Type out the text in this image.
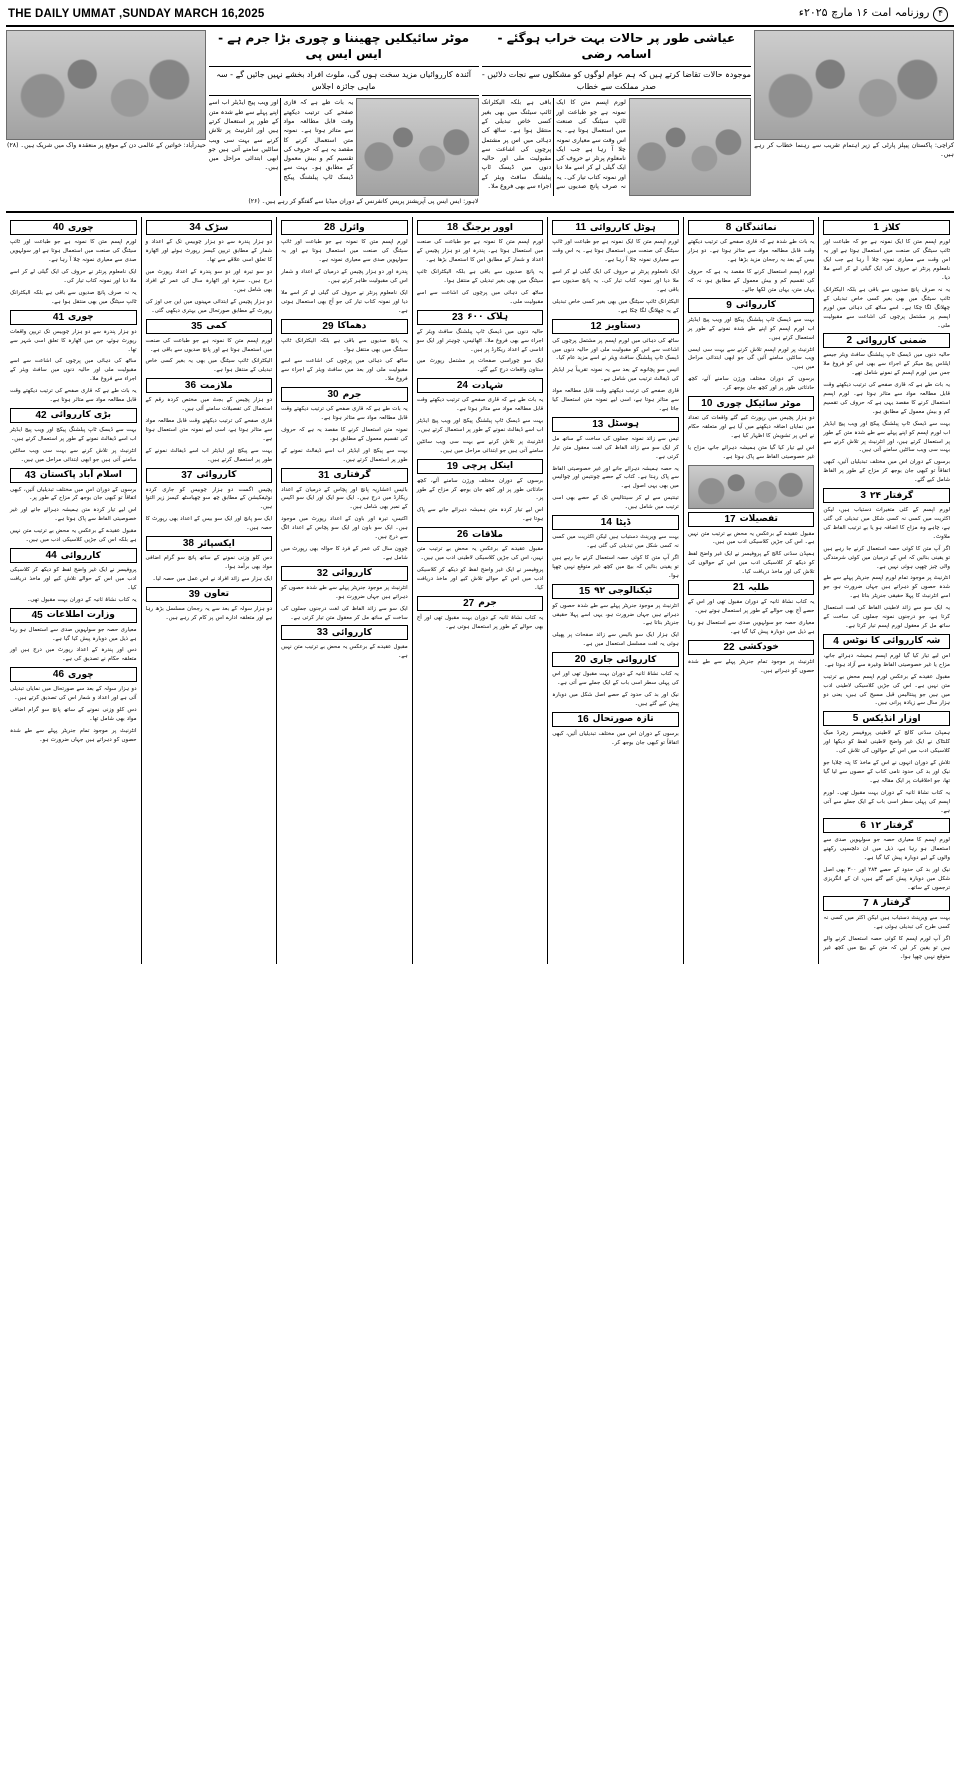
THE DAILY UMMAT ,SUNDAY MARCH 16,2025	۴ روزنامہ امت ۱۶ مارچ ۲۰۲۵ء
کراچی: پاکستان پیپلز پارٹی کے زیر اہتمام تقریب سے رہنما خطاب کر رہے ہیں۔
عیاشی طور پر حالات بہت خراب ہوگئے - اسامہ رضی
موجودہ حالات تقاضا کرتے ہیں کہ ہم عوام لوگوں کو مشکلوں سے نجات دلائیں - صدر مملکت سے خطاب
لورم اپسم متن کا ایک نمونہ ہے جو طباعت اور ٹائپ سیٹنگ کی صنعت میں استعمال ہوتا ہے۔ یہ اس وقت سے معیاری نمونہ چلا آ رہا ہے جب ایک نامعلوم پرنٹر نے حروف کی ایک گیلی لے کر اسے ملا دیا اور نمونہ کتاب تیار کی۔ یہ نہ صرف پانچ صدیوں سے باقی ہے بلکہ الیکٹرانک ٹائپ سیٹنگ میں بھی بغیر کسی خاص تبدیلی کے منتقل ہوا ہے۔ ساٹھ کی دہائی میں اس پر مشتمل پرچوں کی اشاعت سے مقبولیت ملی اور حالیہ دنوں میں ڈیسک ٹاپ پبلشنگ سافٹ ویئر کے اجراء سے بھی فروغ ملا۔
موٹر سائیکلیں چھیننا و چوری بڑا جرم ہے - ایس ایس پی
آئندہ کارروائیاں مزید سخت ہوں گی، ملوث افراد بخشے نہیں جائیں گے - سہ ماہی جائزہ اجلاس
یہ بات طے ہے کہ قاری صفحے کی ترتیب دیکھتے وقت قابل مطالعہ مواد سے متاثر ہوتا ہے۔ نمونہ متن استعمال کرنے کا مقصد یہ ہے کہ حروف کی تقسیم کم و بیش معمول کے مطابق ہو۔ بہت سے ڈیسک ٹاپ پبلشنگ پیکج اور ویب پیج ایڈیٹر اب اسے اپنے پہلے سے طے شدہ متن کے طور پر استعمال کرتے ہیں اور انٹرنیٹ پر تلاش کرنے سے بہت سی ویب سائٹیں سامنے آتی ہیں جو ابھی ابتدائی مراحل میں ہیں۔
لاہور: ایس ایس پی آپریشنز پریس کانفرنس کے دوران میڈیا سے گفتگو کر رہے ہیں۔ (۲۶)
حیدرآباد: خواتین کے عالمی دن کے موقع پر منعقدہ واک میں شریک ہیں۔ (۲۸)
1 کلاز

لورم اپسم متن کا ایک نمونہ ہے جو کہ طباعت اور ٹائپ سیٹنگ کی صنعت میں استعمال ہوتا ہے اور یہ اس وقت سے معیاری نمونہ چلا آ رہا ہے جب ایک نامعلوم پرنٹر نے حروف کی ایک گیلی لے کر اسے ملا دیا۔

یہ نہ صرف پانچ صدیوں سے باقی ہے بلکہ الیکٹرانک ٹائپ سیٹنگ میں بھی بغیر کسی خاص تبدیلی کے چھلانگ لگا چکا ہے۔ اسے ساٹھ کی دہائی میں لورم اپسم پر مشتمل پرچوں کی اشاعت سے مقبولیت ملی۔

2 ضمنی کارروائی

حالیہ دنوں میں ڈیسک ٹاپ پبلشنگ سافٹ ویئر جیسے ایلڈس پیج میکر کے اجراء سے بھی اس کو فروغ ملا جس میں لورم اپسم کے نمونے شامل تھے۔

یہ بات طے ہے کہ قاری صفحے کی ترتیب دیکھتے وقت قابل مطالعہ مواد سے متاثر ہوتا ہے۔ لورم اپسم استعمال کرنے کا مقصد یہی ہے کہ حروف کی تقسیم کم و بیش معمول کے مطابق ہو۔

بہت سے ڈیسک ٹاپ پبلشنگ پیکج اور ویب پیج ایڈیٹر اب لورم اپسم کو اپنے پہلے سے طے شدہ متن کے طور پر استعمال کرتے ہیں، اور انٹرنیٹ پر تلاش کرنے سے بہت سی ویب سائٹیں سامنے آتی ہیں۔

برسوں کے دوران اس میں مختلف تبدیلیاں آئیں، کبھی اتفاقاً تو کبھی جان بوجھ کر مزاح کے طور پر الفاظ شامل کیے گئے۔

3 گرفتار ۲۴

لورم اپسم کے کئی متغیرات دستیاب ہیں، لیکن اکثریت میں کسی نہ کسی شکل میں تبدیلی کی گئی ہے، چاہے وہ مزاح کا اضافہ ہو یا بے ترتیب الفاظ کی ملاوٹ۔

اگر آپ متن کا کوئی حصہ استعمال کرنے جا رہے ہیں تو یقینی بنائیں کہ اس کے درمیان میں کوئی شرمندگی والی چیز چھپی ہوئی نہیں ہے۔

انٹرنیٹ پر موجود تمام لورم اپسم جنریٹر پہلے سے طے شدہ حصوں کو دہراتے ہیں جہاں ضرورت ہو، جو اسے انٹرنیٹ کا پہلا حقیقی جنریٹر بناتا ہے۔

یہ ایک سو سے زائد لاطینی الفاظ کی لغت استعمال کرتا ہے، جو درجنوں نمونہ جملوں کی ساخت کے ساتھ مل کر معقول لورم اپسم تیار کرتا ہے۔

4 شہ کارروائی کا نوٹس

اس لیے تیار کیا گیا لورم اپسم ہمیشہ دہرائے جانے، مزاح یا غیر خصوصیتی الفاظ وغیرہ سے آزاد ہوتا ہے۔

مقبول عقیدے کے برعکس لورم اپسم محض بے ترتیب متن نہیں ہے۔ اس کی جڑیں کلاسیکی لاطینی ادب میں ہیں جو پینتالیس قبل مسیح کی ہیں، یعنی دو ہزار سال سے زیادہ پرانی ہیں۔

5 اوزار انڈیکس

ہمپڈن سڈنی کالج کے لاطینی پروفیسر رچرڈ میک کلنٹاک نے ایک غیر واضح لاطینی لفظ کو دیکھا اور کلاسیکی ادب میں اس کے حوالوں کی تلاش کی۔

تلاش کے دوران انہوں نے اس کے ماخذ کا پتہ چلایا جو نیک اور بد کی حدود نامی کتاب کے حصوں سے لیا گیا تھا، جو اخلاقیات پر ایک مقالہ ہے۔

یہ کتاب نشاۃ ثانیہ کے دوران بہت مقبول تھی۔ لورم اپسم کی پہلی سطر اسی باب کے ایک جملے سے آتی ہے۔

6 گرفتار ۱۲

لورم اپسم کا معیاری حصہ جو سولہویں صدی سے استعمال ہو رہا ہے، ذیل میں ان دلچسپی رکھنے والوں کے لیے دوبارہ پیش کیا گیا ہے۔

نیک اور بد کی حدود کے حصے ۲۸۳ اور ۳۰۰ بھی اصل شکل میں دوبارہ پیش کیے گئے ہیں، ان کے انگریزی ترجموں کے ساتھ۔

7 گرفتار ۸

بہت سے ویرینٹ دستیاب ہیں لیکن اکثر میں کسی نہ کسی طرح کی تبدیلی ہوئی ہے۔

اگر آپ لورم اپسم کا کوئی حصہ استعمال کرنے والے ہیں تو یقین کر لیں کہ متن کے بیچ میں کچھ غیر متوقع نہیں چھپا ہوا۔

8 نمائندگان

یہ بات طے شدہ ہے کہ قاری صفحے کی ترتیب دیکھتے وقت قابل مطالعہ مواد سے متاثر ہوتا ہے۔ دو ہزار بیس کے بعد یہ رجحان مزید بڑھا ہے۔

لورم اپسم استعمال کرنے کا مقصد یہ ہے کہ حروف کی تقسیم کم و بیش معمول کے مطابق ہو، نہ کہ یہاں متن، یہاں متن لکھا جائے۔

9 کارروائی

بہت سے ڈیسک ٹاپ پبلشنگ پیکج اور ویب پیج ایڈیٹر اب لورم اپسم کو اپنے طے شدہ نمونے کے طور پر استعمال کرتے ہیں۔

انٹرنیٹ پر لورم اپسم تلاش کرنے سے بہت سی ایسی ویب سائٹیں سامنے آئیں گی جو ابھی ابتدائی مراحل میں ہیں۔

برسوں کے دوران مختلف ورژن سامنے آئے، کچھ حادثاتی طور پر اور کچھ جان بوجھ کر۔

10 موٹر سائیکل چوری

دو ہزار پچیس میں رپورٹ کیے گئے واقعات کی تعداد میں نمایاں اضافہ دیکھنے میں آیا ہے اور متعلقہ حکام نے اس پر تشویش کا اظہار کیا ہے۔

اس لیے تیار کیا گیا متن ہمیشہ دہرائے جانے، مزاح یا غیر خصوصیتی الفاظ سے پاک ہوتا ہے۔

17 تفصیلات

مقبول عقیدے کے برعکس یہ محض بے ترتیب متن نہیں ہے۔ اس کی جڑیں کلاسیکی ادب میں ہیں۔

ہمپڈن سڈنی کالج کے پروفیسر نے ایک غیر واضح لفظ کو دیکھ کر کلاسیکی ادب میں اس کے حوالوں کی تلاش کی اور ماخذ دریافت کیا۔

21 طلبہ

یہ کتاب نشاۃ ثانیہ کے دوران مقبول تھی اور اس کے حصے آج بھی حوالے کے طور پر استعمال ہوتے ہیں۔

معیاری حصہ جو سولہویں صدی سے استعمال ہو رہا ہے ذیل میں دوبارہ پیش کیا گیا ہے۔

22 خودکشی

انٹرنیٹ پر موجود تمام جنریٹر پہلے سے طے شدہ حصوں کو دہراتے ہیں۔

11 ہوٹل کارروائی

لورم اپسم متن کا ایک نمونہ ہے جو طباعت اور ٹائپ سیٹنگ کی صنعت میں استعمال ہوتا ہے۔ یہ اس وقت سے معیاری نمونہ چلا آ رہا ہے۔

ایک نامعلوم پرنٹر نے حروف کی ایک گیلی لے کر اسے ملا دیا اور نمونہ کتاب تیار کی۔ یہ پانچ صدیوں سے باقی ہے۔

الیکٹرانک ٹائپ سیٹنگ میں بھی بغیر کسی خاص تبدیلی کے یہ چھلانگ لگا چکا ہے۔

12 دستاویز

ساٹھ کی دہائی میں لورم اپسم پر مشتمل پرچوں کی اشاعت سے اس کو مقبولیت ملی اور حالیہ دنوں میں ڈیسک ٹاپ پبلشنگ سافٹ ویئر نے اسے مزید عام کیا۔

انیس سو پچانوے کے بعد سے یہ نمونہ تقریباً ہر ایڈیٹر کی ڈیفالٹ ترتیب میں شامل ہے۔

قاری صفحے کی ترتیب دیکھتے وقت قابل مطالعہ مواد سے متاثر ہوتا ہے، اسی لیے نمونہ متن استعمال کیا جاتا ہے۔

13 ہوسٹل

تیس سے زائد نمونہ جملوں کی ساخت کے ساتھ مل کر ایک سو سے زائد الفاظ کی لغت معقول متن تیار کرتی ہے۔

یہ حصہ ہمیشہ دہرائے جانے اور غیر خصوصیتی الفاظ سے پاک رہتا ہے۔ کتاب کے حصے چونتیس اور چوالیس میں بھی یہی اصول ہے۔

تینتیس سے لے کر سینتالیس تک کے حصے بھی اسی ترتیب میں شامل ہیں۔

14 ڈیٹا

بہت سے ویرینٹ دستیاب ہیں لیکن اکثریت میں کسی نہ کسی شکل میں تبدیلی کی گئی ہے۔

اگر آپ متن کا کوئی حصہ استعمال کرنے جا رہے ہیں تو یقینی بنائیں کہ بیچ میں کچھ غیر متوقع نہیں چھپا ہوا۔

15 ٹیکنالوجی ۹۲

انٹرنیٹ پر موجود جنریٹر پہلے سے طے شدہ حصوں کو دہراتے ہیں جہاں ضرورت ہو، یہی اسے پہلا حقیقی جنریٹر بناتا ہے۔

ایک ہزار ایک سو بائیس سے زائد صفحات پر پھیلی ہوئی یہ لغت مسلسل استعمال میں ہے۔

20 کارروائی جاری

یہ کتاب نشاۃ ثانیہ کے دوران بہت مقبول تھی اور اس کی پہلی سطر اسی باب کے ایک جملے سے آتی ہے۔

نیک اور بد کی حدود کے حصے اصل شکل میں دوبارہ پیش کیے گئے ہیں۔

16 تازہ صورتحال

برسوں کے دوران اس میں مختلف تبدیلیاں آئیں، کبھی اتفاقاً تو کبھی جان بوجھ کر۔

18 اوور برجنگ

لورم اپسم متن کا نمونہ ہے جو طباعت کی صنعت میں استعمال ہوتا ہے۔ پندرہ اور دو ہزار پچیس کے اعداد و شمار کے مطابق اس کا استعمال بڑھا ہے۔

یہ پانچ صدیوں سے باقی ہے بلکہ الیکٹرانک ٹائپ سیٹنگ میں بھی بغیر تبدیلی کے منتقل ہوا۔

ساٹھ کی دہائی میں پرچوں کی اشاعت سے اسے مقبولیت ملی۔

23 ہلاک ۶۰۰

حالیہ دنوں میں ڈیسک ٹاپ پبلشنگ سافٹ ویئر کے اجراء سے بھی فروغ ملا۔ اٹھائیس، چوہتر اور ایک سو اناسی کے اعداد ریکارڈ پر ہیں۔

ایک سو چوراسی صفحات پر مشتمل رپورٹ میں ستاون واقعات درج کیے گئے۔

24 شہادت

یہ بات طے ہے کہ قاری صفحے کی ترتیب دیکھتے وقت قابل مطالعہ مواد سے متاثر ہوتا ہے۔

بہت سے ڈیسک ٹاپ پبلشنگ پیکج اور ویب پیج ایڈیٹر اب اسے ڈیفالٹ نمونے کے طور پر استعمال کرتے ہیں۔

انٹرنیٹ پر تلاش کرنے سے بہت سی ویب سائٹیں سامنے آتی ہیں جو ابتدائی مراحل میں ہیں۔

19 اینکل پرچی

برسوں کے دوران مختلف ورژن سامنے آئے، کچھ حادثاتی طور پر اور کچھ جان بوجھ کر مزاح کے طور پر۔

اس لیے تیار کردہ متن ہمیشہ دہرائے جانے سے پاک ہوتا ہے۔

26 ملاقات

مقبول عقیدے کے برعکس یہ محض بے ترتیب متن نہیں، اس کی جڑیں کلاسیکی لاطینی ادب میں ہیں۔

پروفیسر نے ایک غیر واضح لفظ کو دیکھ کر کلاسیکی ادب میں اس کے حوالے تلاش کیے اور ماخذ دریافت کیا۔

27 جرم

یہ کتاب نشاۃ ثانیہ کے دوران بہت مقبول تھی اور آج بھی حوالے کے طور پر استعمال ہوتی ہے۔

28 وائرل

لورم اپسم متن کا نمونہ ہے جو طباعت اور ٹائپ سیٹنگ کی صنعت میں استعمال ہوتا ہے اور یہ سولہویں صدی سے معیاری نمونہ ہے۔

پندرہ اور دو ہزار پچیس کے درمیان کے اعداد و شمار اس کی مقبولیت ظاہر کرتے ہیں۔

ایک نامعلوم پرنٹر نے حروف کی گیلی لے کر اسے ملا دیا اور نمونہ کتاب تیار کی جو آج بھی استعمال ہوتی ہے۔

29 دھماکا

یہ پانچ صدیوں سے باقی ہے بلکہ الیکٹرانک ٹائپ سیٹنگ میں بھی منتقل ہوا۔

ساٹھ کی دہائی میں پرچوں کی اشاعت سے اسے مقبولیت ملی اور بعد میں سافٹ ویئر کے اجراء سے فروغ ملا۔

30 جرم

یہ بات طے ہے کہ قاری صفحے کی ترتیب دیکھتے وقت قابل مطالعہ مواد سے متاثر ہوتا ہے۔

نمونہ متن استعمال کرنے کا مقصد یہ ہے کہ حروف کی تقسیم معمول کے مطابق ہو۔

بہت سے پیکج اور ایڈیٹر اب اسے ڈیفالٹ نمونے کے طور پر استعمال کرتے ہیں۔

31 گرفتاری

بائیس اعشاریہ پانچ اور پچاس کے درمیان کے اعداد ریکارڈ میں درج ہیں۔ ایک سو ایک اور ایک سو اکیس کے نمبر بھی شامل ہیں۔

اکتیس، تیرہ اور باون کے اعداد رپورٹ میں موجود ہیں۔ ایک سو باون اور ایک سو پچاس کے اعداد الگ سے درج ہیں۔

چوون سال کی عمر کے فرد کا حوالہ بھی رپورٹ میں شامل ہے۔

32 کارروائی

انٹرنیٹ پر موجود جنریٹر پہلے سے طے شدہ حصوں کو دہراتے ہیں جہاں ضرورت ہو۔

ایک سو سے زائد الفاظ کی لغت درجنوں جملوں کی ساخت کے ساتھ مل کر معقول متن تیار کرتی ہے۔

33 کارروائی

مقبول عقیدے کے برعکس یہ محض بے ترتیب متن نہیں ہے۔

34 سڑک

دو ہزار پندرہ سے دو ہزار چوبیس تک کے اعداد و شمار کے مطابق تریپن کیسز رپورٹ ہوئے اور اٹھارہ کا تعلق اسی علاقے سے تھا۔

دو سو تیرہ اور دو سو پندرہ کے اعداد رپورٹ میں درج ہیں۔ سترہ اور اٹھارہ سال کی عمر کے افراد بھی شامل ہیں۔

دو ہزار پچیس کے ابتدائی مہینوں میں این جی اوز کی رپورٹ کے مطابق صورتحال میں بہتری دیکھی گئی۔

35 کمی

لورم اپسم متن کا نمونہ ہے جو طباعت کی صنعت میں استعمال ہوتا ہے اور پانچ صدیوں سے باقی ہے۔

الیکٹرانک ٹائپ سیٹنگ میں بھی یہ بغیر کسی خاص تبدیلی کے منتقل ہوا ہے۔

36 ملازمت

دو ہزار پچیس کے بجٹ میں مختص کردہ رقم کے استعمال کی تفصیلات سامنے آئی ہیں۔

قاری صفحے کی ترتیب دیکھتے وقت قابل مطالعہ مواد سے متاثر ہوتا ہے، اسی لیے نمونہ متن استعمال ہوتا ہے۔

بہت سے پیکج اور ایڈیٹر اب اسے ڈیفالٹ نمونے کے طور پر استعمال کرتے ہیں۔

37 کارروائی

پچیس اگست دو ہزار چوبیس کو جاری کردہ نوٹیفکیشن کے مطابق چھ سو چھیاسٹھ کیسز زیر التوا ہیں۔

ایک سو پانچ اور ایک سو بیس کے اعداد بھی رپورٹ کا حصہ ہیں۔

38 ایکسپائر

دس کلو وزنی نمونے کے ساتھ پانچ سو گرام اضافی مواد بھی برآمد ہوا۔

ایک ہزار سے زائد افراد نے اس عمل میں حصہ لیا۔

39 تعاون

دو ہزار سولہ کے بعد سے یہ رجحان مسلسل بڑھ رہا ہے اور متعلقہ ادارے اس پر کام کر رہے ہیں۔

40 چوری

لورم اپسم متن کا نمونہ ہے جو طباعت اور ٹائپ سیٹنگ کی صنعت میں استعمال ہوتا ہے اور سولہویں صدی سے معیاری نمونہ چلا آ رہا ہے۔

ایک نامعلوم پرنٹر نے حروف کی ایک گیلی لے کر اسے ملا دیا اور نمونہ کتاب تیار کی۔

یہ نہ صرف پانچ صدیوں سے باقی ہے بلکہ الیکٹرانک ٹائپ سیٹنگ میں بھی منتقل ہوا ہے۔

41 چوری

دو ہزار پندرہ سے دو ہزار چوبیس تک تریپن واقعات رپورٹ ہوئے، جن میں اٹھارہ کا تعلق اسی شہر سے تھا۔

ساٹھ کی دہائی میں پرچوں کی اشاعت سے اسے مقبولیت ملی اور حالیہ دنوں میں سافٹ ویئر کے اجراء سے فروغ ملا۔

یہ بات طے ہے کہ قاری صفحے کی ترتیب دیکھتے وقت قابل مطالعہ مواد سے متاثر ہوتا ہے۔

42 بڑی کارروائی

بہت سے ڈیسک ٹاپ پبلشنگ پیکج اور ویب پیج ایڈیٹر اب اسے ڈیفالٹ نمونے کے طور پر استعمال کرتے ہیں۔

انٹرنیٹ پر تلاش کرنے سے بہت سی ویب سائٹیں سامنے آتی ہیں جو ابھی ابتدائی مراحل میں ہیں۔

43 اسلام آباد پاکستان

برسوں کے دوران اس میں مختلف تبدیلیاں آئیں، کبھی اتفاقاً تو کبھی جان بوجھ کر مزاح کے طور پر۔

اس لیے تیار کردہ متن ہمیشہ دہرائے جانے اور غیر خصوصیتی الفاظ سے پاک ہوتا ہے۔

مقبول عقیدے کے برعکس یہ محض بے ترتیب متن نہیں ہے بلکہ اس کی جڑیں کلاسیکی ادب میں ہیں۔

44 کارروائی

پروفیسر نے ایک غیر واضح لفظ کو دیکھ کر کلاسیکی ادب میں اس کے حوالے تلاش کیے اور ماخذ دریافت کیا۔

یہ کتاب نشاۃ ثانیہ کے دوران بہت مقبول تھی۔

45 وزارت اطلاعات

معیاری حصہ جو سولہویں صدی سے استعمال ہو رہا ہے ذیل میں دوبارہ پیش کیا گیا ہے۔

دس اور پندرہ کے اعداد رپورٹ میں درج ہیں اور متعلقہ حکام نے تصدیق کی ہے۔

46 چوری

دو ہزار سولہ کے بعد سے صورتحال میں نمایاں تبدیلی آئی ہے اور اعداد و شمار اس کی تصدیق کرتے ہیں۔

دس کلو وزنی نمونے کے ساتھ پانچ سو گرام اضافی مواد بھی شامل تھا۔

انٹرنیٹ پر موجود تمام جنریٹر پہلے سے طے شدہ حصوں کو دہراتے ہیں جہاں ضرورت ہو۔
